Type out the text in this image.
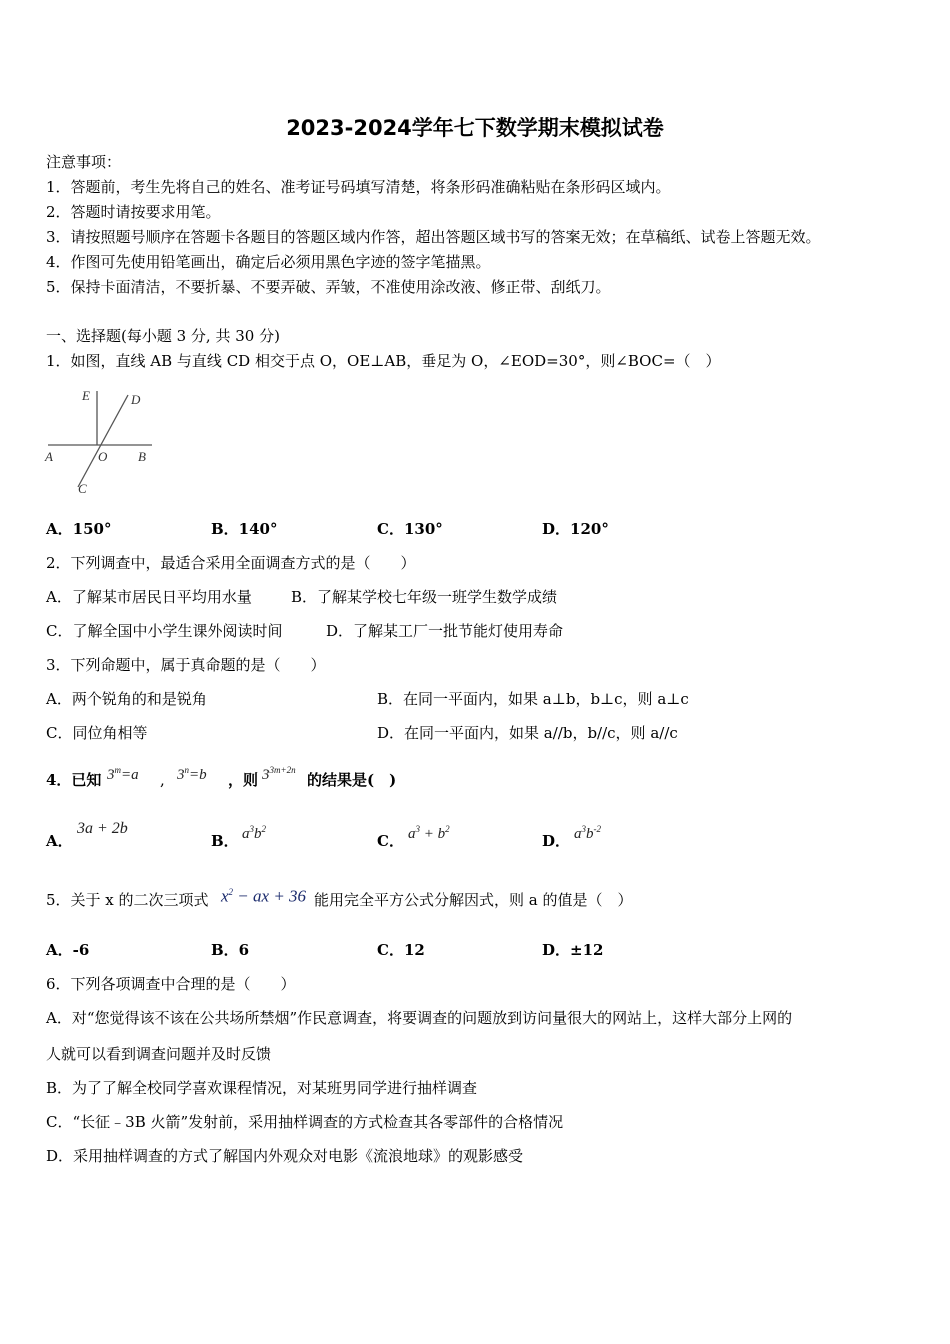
2023-2024学年七下数学期末模拟试卷
注意事项：
1．答题前，考生先将自己的姓名、准考证号码填写清楚，将条形码准确粘贴在条形码区域内。
2．答题时请按要求用笔。
3．请按照题号顺序在答题卡各题目的答题区域内作答，超出答题区域书写的答案无效；在草稿纸、试卷上答题无效。
4．作图可先使用铅笔画出，确定后必须用黑色字迹的签字笔描黑。
5．保持卡面清洁，不要折暴、不要弄破、弄皱，不准使用涂改液、修正带、刮纸刀。
一、选择题(每小题 3 分, 共 30 分)
1．如图，直线 AB 与直线 CD 相交于点 O，OE⊥AB，垂足为 O，∠EOD=30°，则∠BOC=（　）
E	D
A	O B
C
A．150°	B．140°	C．130°	D．120°
2．下列调查中，最适合采用全面调查方式的是（　　）
A．了解某市居民日平均用水量	B．了解某学校七年级一班学生数学成绩
C．了解全国中小学生课外阅读时间	D．了解某工厂一批节能灯使用寿命
3．下列命题中，属于真命题的是（　　）
A．两个锐角的和是锐角	B．在同一平面内，如果 a⊥b，b⊥c，则 a⊥c
C．同位角相等	D．在同一平面内，如果 a//b，b//c，则 a//c
4．已知 $3^m=a$ , $3^n=b$ ，则 $3^{3m+2n}$
的结果是(　)
A．
3a + 2b
B． $a^3b^2$
C． $a^3 + b^2$
D． $a^3b^{-2}$
5．关于 x 的二次三项式 $x^2$ − ax + 36 能用完全平方公式分解因式，则 a 的值是（　）
A．-6	B．6	C．12	D．±12
6．下列各项调查中合理的是（　　）
A．对“您觉得该不该在公共场所禁烟”作民意调查，将要调查的问题放到访问量很大的网站上，这样大部分上网的
人就可以看到调查问题并及时反馈
B．为了了解全校同学喜欢课程情况，对某班男同学进行抽样调查
C．“长征﹣3B 火箭”发射前，采用抽样调查的方式检查其各零部件的合格情况
D．采用抽样调查的方式了解国内外观众对电影《流浪地球》的观影感受
